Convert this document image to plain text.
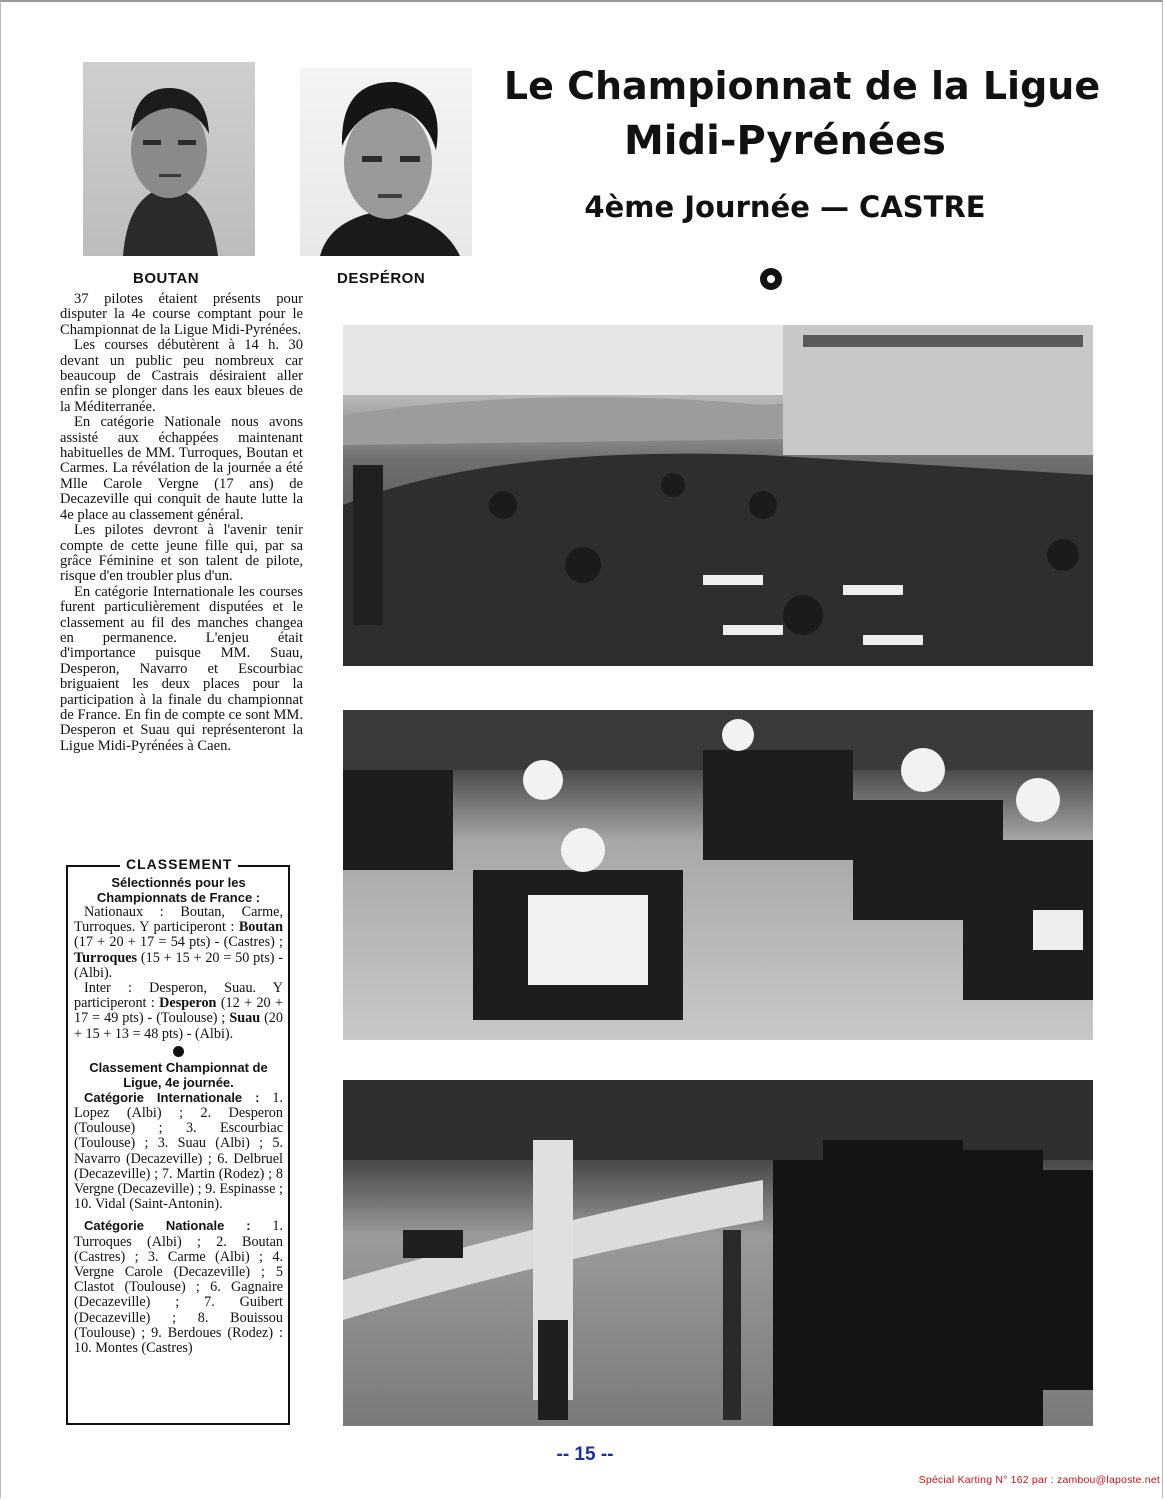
BOUTAN	DESPÉRON
Le Championnat de la Ligue
Midi-Pyrénées
4ème Journée — CASTRE

37 pilotes étaient présents pour disputer la 4e course comptant pour le Championnat de la Ligue Midi-Pyrénées.

Les courses débutèrent à 14 h. 30 devant un public peu nombreux car beaucoup de Castrais désiraient aller enfin se plonger dans les eaux bleues de la Méditerranée.

En catégorie Nationale nous avons assisté aux échappées maintenant habituelles de MM. Turroques, Boutan et Carmes. La révélation de la journée a été Mlle Carole Vergne (17 ans) de Decazeville qui conquit de haute lutte la 4e place au classement général.

Les pilotes devront à l'avenir tenir compte de cette jeune fille qui, par sa grâce Féminine et son talent de pilote, risque d'en troubler plus d'un.

En catégorie Internationale les courses furent particulièrement disputées et le classement au fil des manches changea en permanence. L'enjeu était d'importance puisque MM. Suau, Desperon, Navarro et Escourbiac briguaient les deux places pour la participation à la finale du championnat de France. En fin de compte ce sont MM. Desperon et Suau qui représenteront la Ligue Midi-Pyrénées à Caen.

CLASSEMENT

Sélectionnés pour les Championnats de France :

Nationaux : Boutan, Carme, Turroques. Y participeront : Boutan (17 + 20 + 17 = 54 pts) - (Castres) ; Turroques (15 + 15 + 20 = 50 pts) - (Albi).

Inter : Desperon, Suau. Y participeront : Desperon (12 + 20 + 17 = 49 pts) - (Toulouse) ; Suau (20 + 15 + 13 = 48 pts) - (Albi).

Classement Championnat de Ligue, 4e journée.

Catégorie Internationale : 1. Lopez (Albi) ; 2. Desperon (Toulouse) ; 3. Escourbiac (Toulouse) ; 3. Suau (Albi) ; 5. Navarro (Decazeville) ; 6. Delbruel (Decazeville) ; 7. Martin (Rodez) ; 8 Vergne (Decazeville) ; 9. Espinasse ; 10. Vidal (Saint-Antonin).

Catégorie Nationale : 1. Turroques (Albi) ; 2. Boutan (Castres) ; 3. Carme (Albi) ; 4. Vergne Carole (Decazeville) ; 5 Clastot (Toulouse) ; 6. Gagnaire (Decazeville) ; 7. Guibert (Decazeville) ; 8. Bouissou (Toulouse) ; 9. Berdoues (Rodez) : 10. Montes (Castres)

-- 15 --
Spécial Karting N° 162 par : zambou@laposte.net
